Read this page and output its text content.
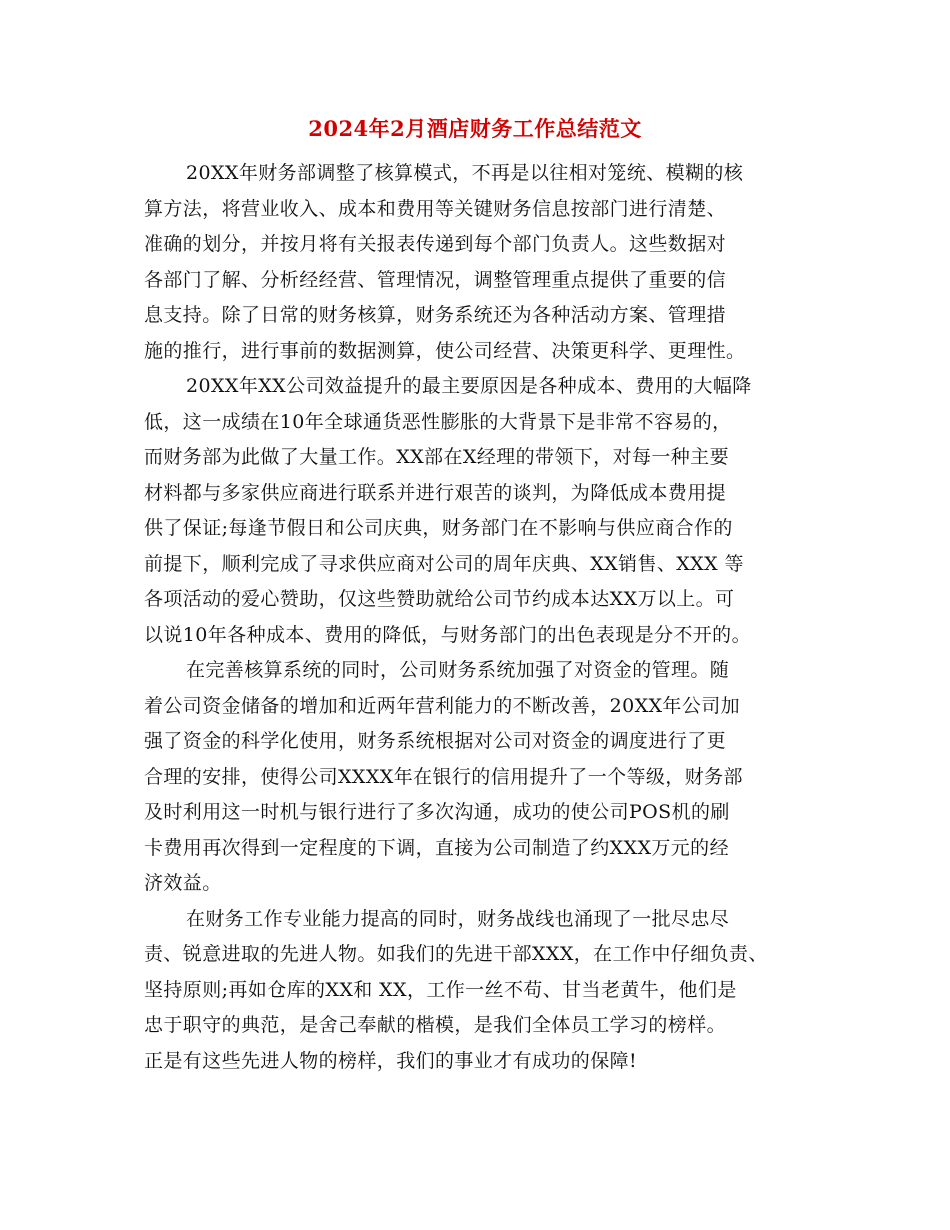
2024年2月酒店财务工作总结范文
20XX年财务部调整了核算模式，不再是以往相对笼统、模糊的核
算方法，将营业收入、成本和费用等关键财务信息按部门进行清楚、
准确的划分，并按月将有关报表传递到每个部门负责人。这些数据对
各部门了解、分析经经营、管理情况，调整管理重点提供了重要的信
息支持。除了日常的财务核算，财务系统还为各种活动方案、管理措
施的推行，进行事前的数据测算，使公司经营、决策更科学、更理性。
20XX年XX公司效益提升的最主要原因是各种成本、费用的大幅降
低，这一成绩在10年全球通货恶性膨胀的大背景下是非常不容易的，
而财务部为此做了大量工作。XX部在X经理的带领下，对每一种主要
材料都与多家供应商进行联系并进行艰苦的谈判，为降低成本费用提
供了保证;每逢节假日和公司庆典，财务部门在不影响与供应商合作的
前提下，顺利完成了寻求供应商对公司的周年庆典、XX销售、XXX 等
各项活动的爱心赞助，仅这些赞助就给公司节约成本达XX万以上。可
以说10年各种成本、费用的降低，与财务部门的出色表现是分不开的。
在完善核算系统的同时，公司财务系统加强了对资金的管理。随
着公司资金储备的增加和近两年营利能力的不断改善，20XX年公司加
强了资金的科学化使用，财务系统根据对公司对资金的调度进行了更
合理的安排，使得公司XXXX年在银行的信用提升了一个等级，财务部
及时利用这一时机与银行进行了多次沟通，成功的使公司POS机的刷
卡费用再次得到一定程度的下调，直接为公司制造了约XXX万元的经
济效益。
在财务工作专业能力提高的同时，财务战线也涌现了一批尽忠尽
责、锐意进取的先进人物。如我们的先进干部XXX，在工作中仔细负责、
坚持原则;再如仓库的XX和 XX，工作一丝不苟、甘当老黄牛，他们是
忠于职守的典范，是舍己奉献的楷模，是我们全体员工学习的榜样。
正是有这些先进人物的榜样，我们的事业才有成功的保障!
